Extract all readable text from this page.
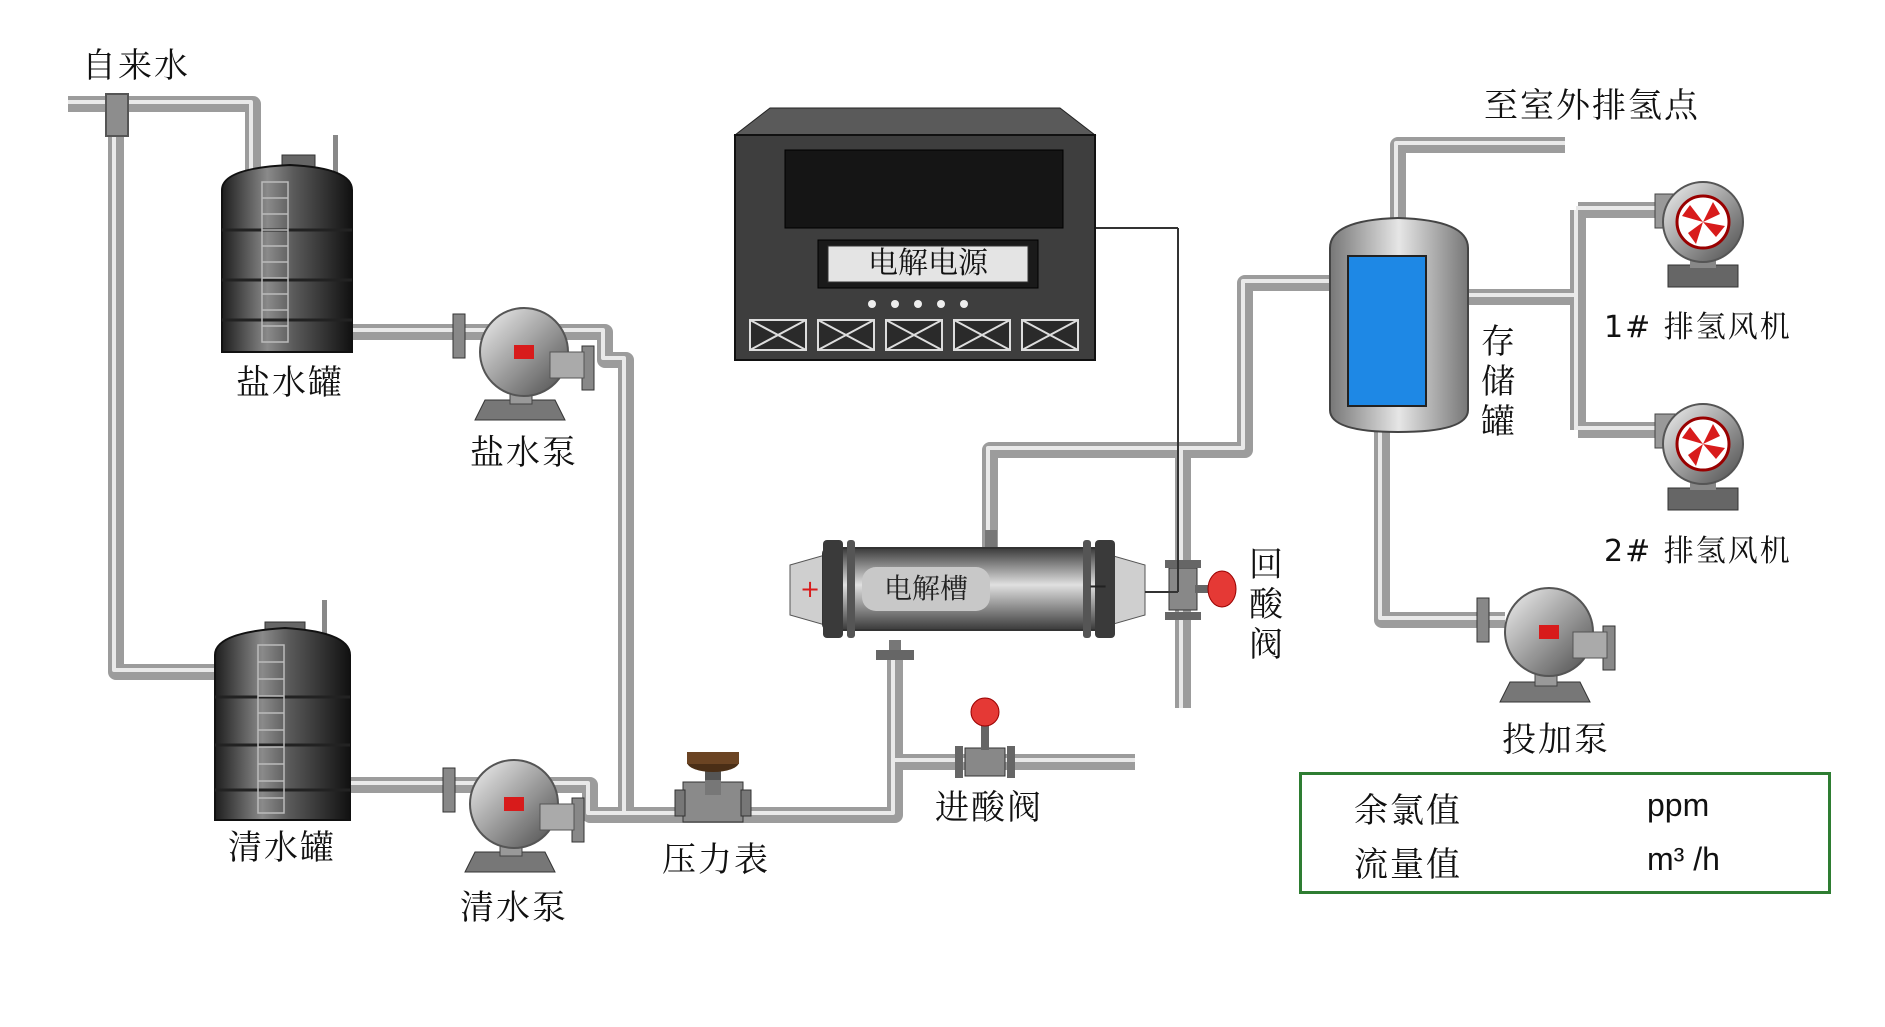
自来水
盐水罐
盐水泵
清水罐
清水泵
压力表
进酸阀
回酸阀
存储罐
至室外排氢点
1# 排氢风机
2# 排氢风机
投加泵
电解电源
电解槽
+	−
余氯值	ppm
流量值	m³ /h
